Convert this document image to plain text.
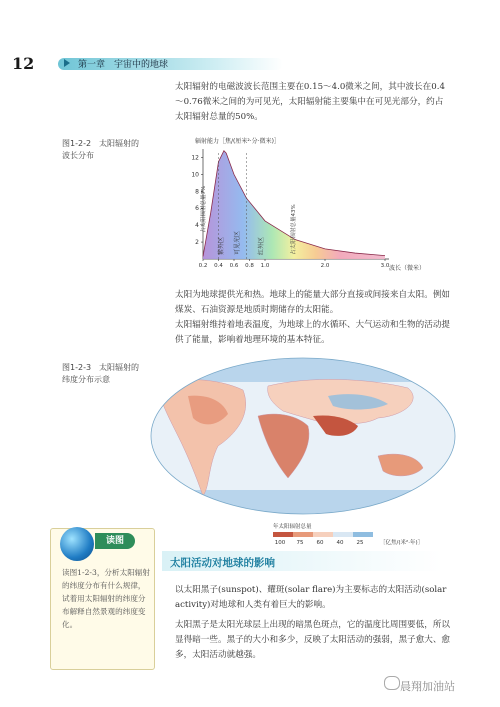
12	第一章　宇宙中的地球
太阳辐射的电磁波波长范围主要在0.15～4.0微米之间，其中波长在0.4～0.76微米之间的为可见光，太阳辐射能主要集中在可见光部分，约占太阳辐射总量的50%。
图1-2-2　太阳辐射的
波长分布
辐射能力［焦/(厘米²·分·微米)］
12
10
8
6
4
2
0.2 0.4 0.6 0.8 1.0	2.0	3.0 波长（微米）
占太阳辐射总量7%
紫外区 可见光区	红外区	占太阳辐射总量43%
太阳为地球提供光和热。地球上的能量大部分直接或间接来自太阳。例如煤炭、石油资源是地质时期储存的太阳能。
太阳辐射维持着地表温度，为地球上的水循环、大气运动和生物的活动提供了能量，影响着地理环境的基本特征。
图1-2-3　太阳辐射的
纬度分布示意
年太阳辐射总量
100 75 60 40 25	［亿焦/(米²·年)］
读图
读图1-2-3，分析太阳辐射的纬度分布有什么规律，试着用太阳辐射的纬度分布解释自然景观的纬度变化。
太阳活动对地球的影响
以太阳黑子(sunspot)、耀斑(solar flare)为主要标志的太阳活动(solar activity)对地球和人类有着巨大的影响。
太阳黑子是太阳光球层上出现的暗黑色斑点，它的温度比周围要低，所以显得暗一些。黑子的大小和多少，反映了太阳活动的强弱，黑子愈大、愈多，太阳活动就越强。
晨翔加油站
